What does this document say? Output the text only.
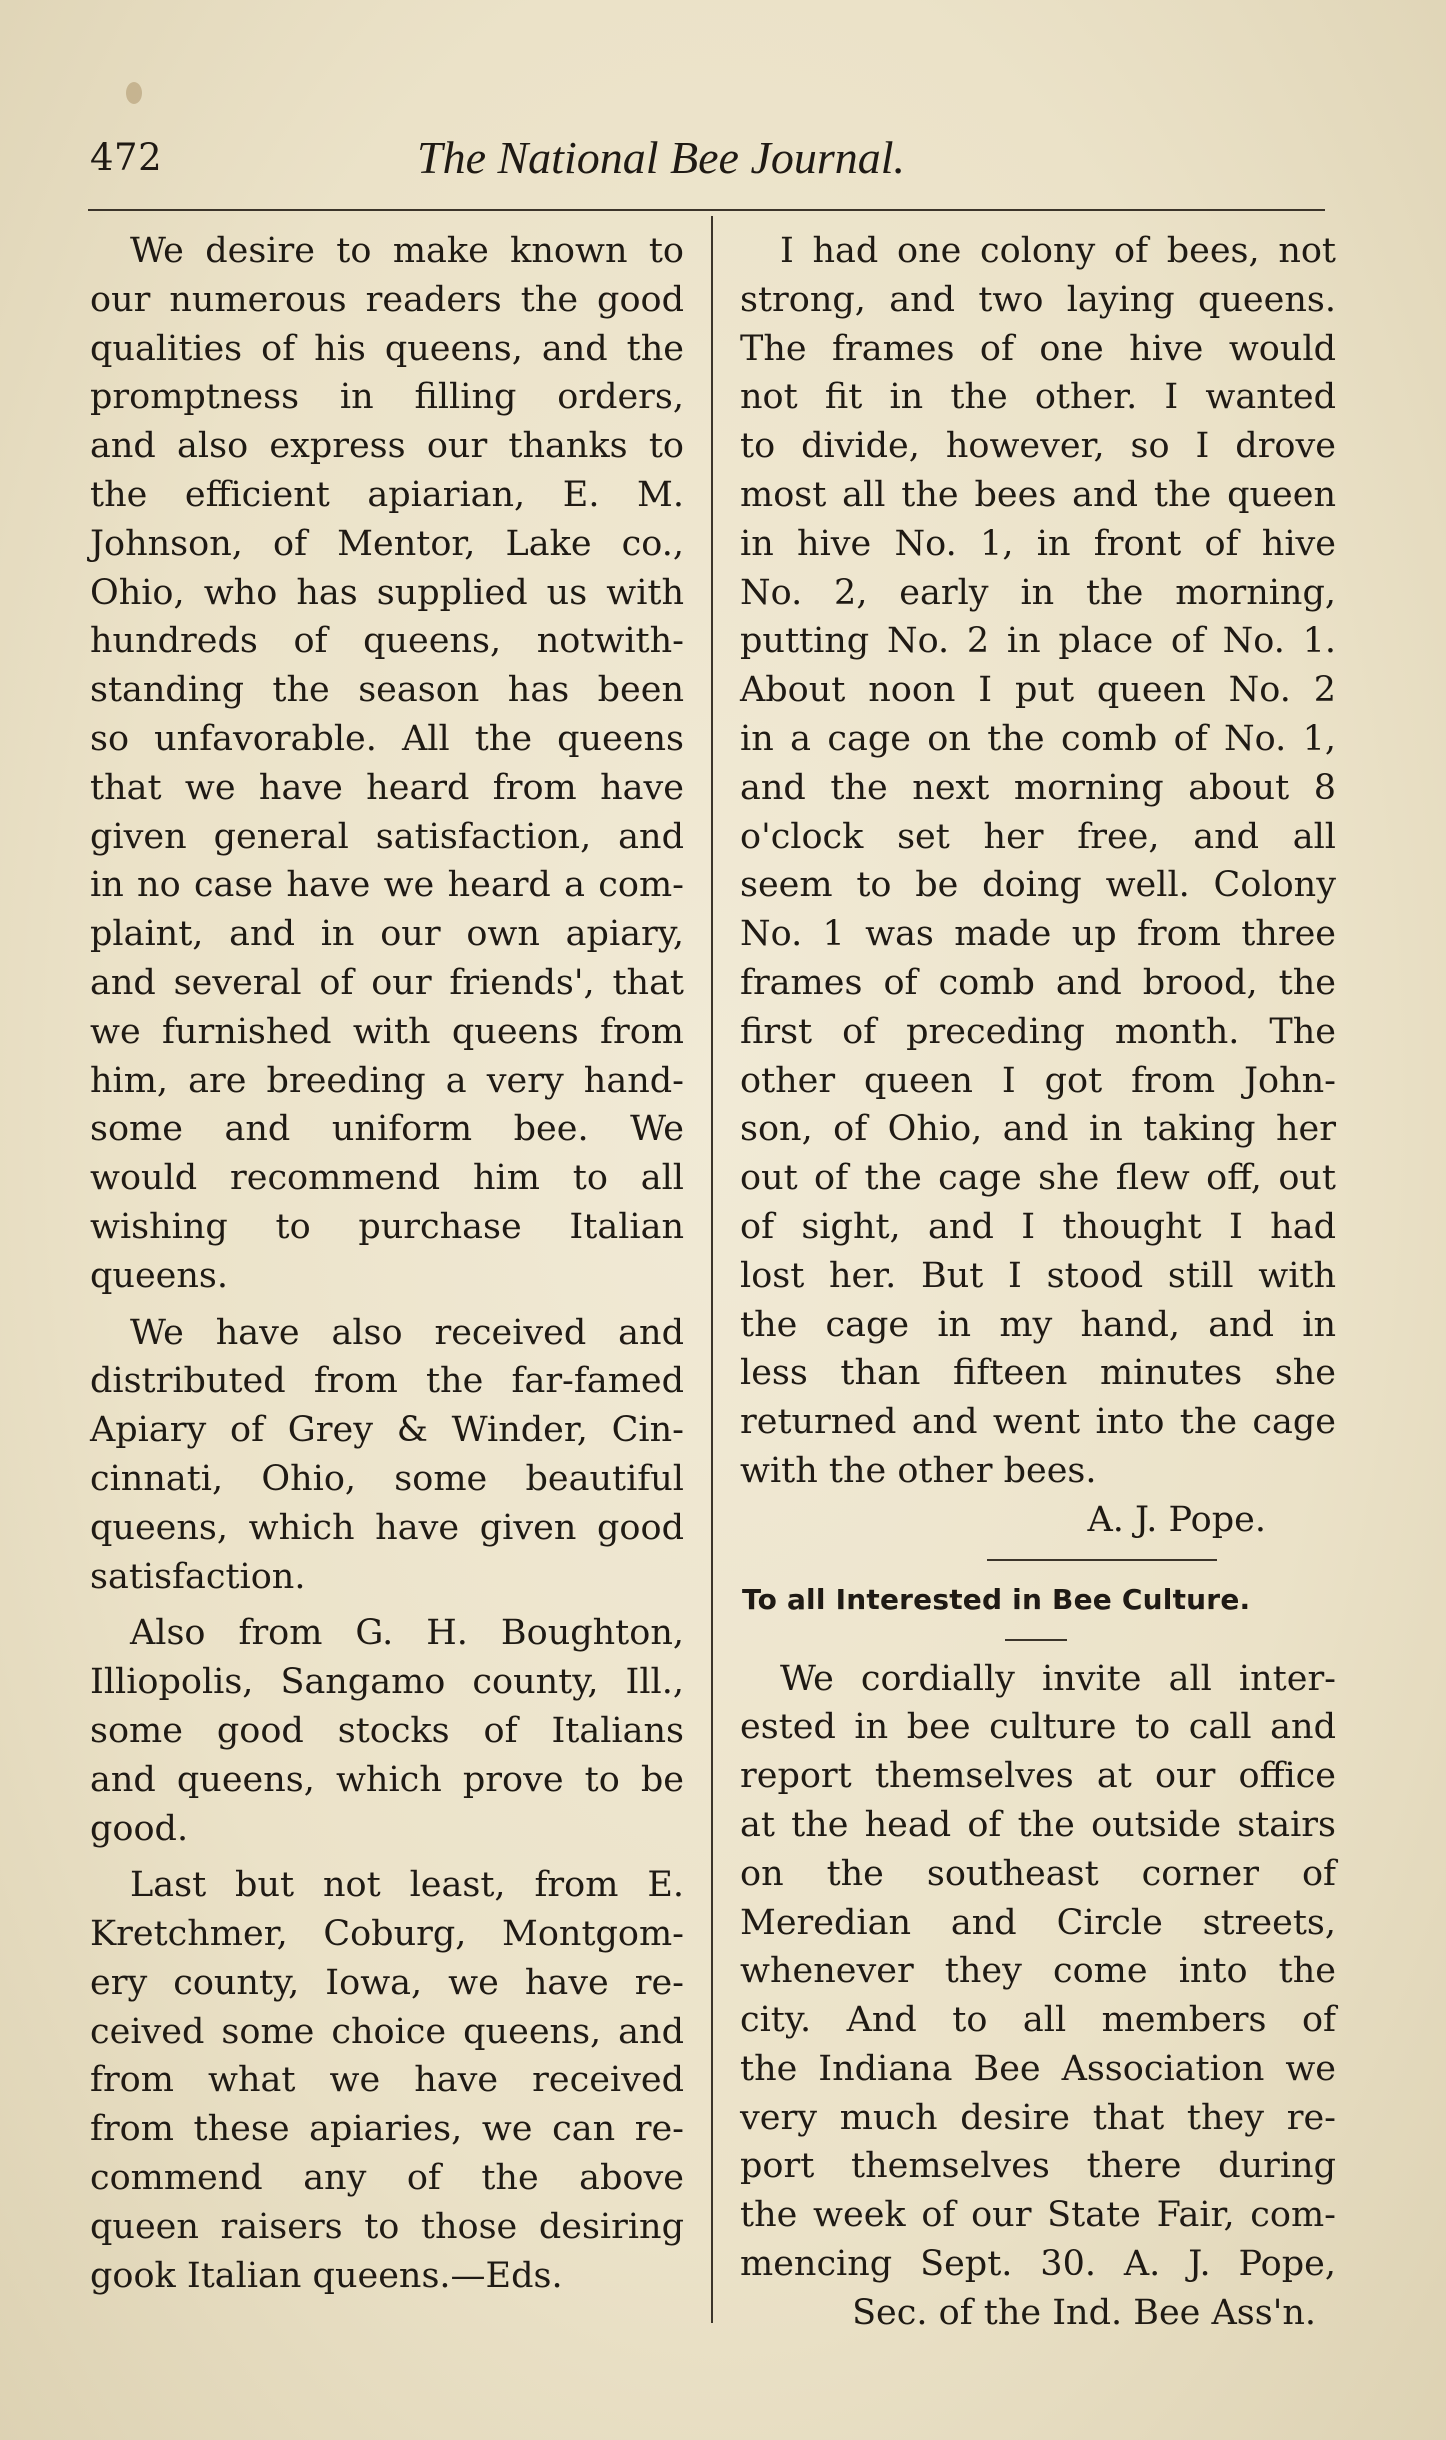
472	The National Bee Journal.
We desire to make known to
our numerous readers the good
qualities of his queens, and the
promptness in filling orders,
and also express our thanks to
the efficient apiarian, E. M.
Johnson, of Mentor, Lake co.,
Ohio, who has supplied us with
hundreds of queens, notwith-
standing the season has been
so unfavorable. All the queens
that we have heard from have
given general satisfaction, and
in no case have we heard a com-
plaint, and in our own apiary,
and several of our friends', that
we furnished with queens from
him, are breeding a very hand-
some and uniform bee. We
would recommend him to all
wishing to purchase Italian
queens.
We have also received and
distributed from the far-famed
Apiary of Grey & Winder, Cin-
cinnati, Ohio, some beautiful
queens, which have given good
satisfaction.
Also from G. H. Boughton,
Illiopolis, Sangamo county, Ill.,
some good stocks of Italians
and queens, which prove to be
good.
Last but not least, from E.
Kretchmer, Coburg, Montgom-
ery county, Iowa, we have re-
ceived some choice queens, and
from what we have received
from these apiaries, we can re-
commend any of the above
queen raisers to those desiring
gook Italian queens.—Eds.
I had one colony of bees, not
strong, and two laying queens.
The frames of one hive would
not fit in the other. I wanted
to divide, however, so I drove
most all the bees and the queen
in hive No. 1, in front of hive
No. 2, early in the morning,
putting No. 2 in place of No. 1.
About noon I put queen No. 2
in a cage on the comb of No. 1,
and the next morning about 8
o'clock set her free, and all
seem to be doing well. Colony
No. 1 was made up from three
frames of comb and brood, the
first of preceding month. The
other queen I got from John-
son, of Ohio, and in taking her
out of the cage she flew off, out
of sight, and I thought I had
lost her. But I stood still with
the cage in my hand, and in
less than fifteen minutes she
returned and went into the cage
with the other bees.
A. J. Pope.
To all Interested in Bee Culture.
We cordially invite all inter-
ested in bee culture to call and
report themselves at our office
at the head of the outside stairs
on the southeast corner of
Meredian and Circle streets,
whenever they come into the
city. And to all members of
the Indiana Bee Association we
very much desire that they re-
port themselves there during
the week of our State Fair, com-
mencing Sept. 30. A. J. Pope,
Sec. of the Ind. Bee Ass'n.
